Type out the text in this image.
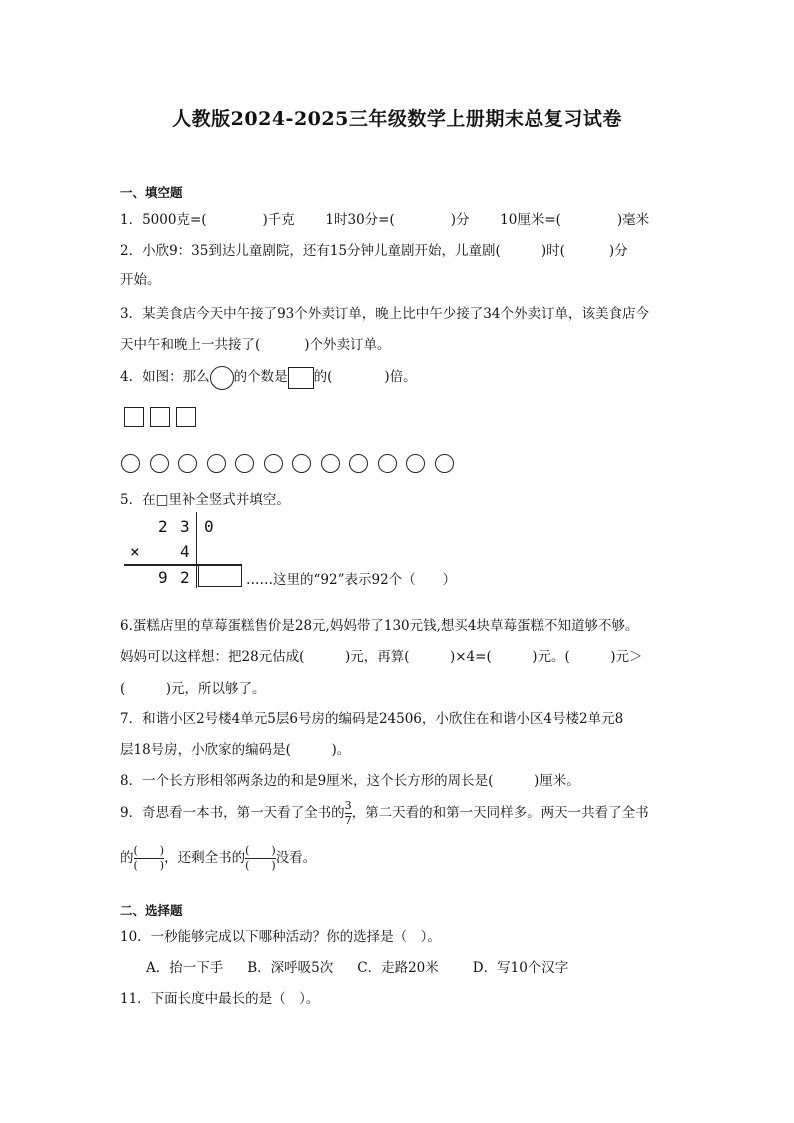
人教版2024-2025三年级数学上册期末总复习试卷
一、填空题
1．5000克=(	)千克 1时30分=(	)分 10厘米=(	)毫米
2．小欣9：35到达儿童剧院，还有15分钟儿童剧开始，儿童剧(	)时(	)分
开始。
3．某美食店今天中午接了93个外卖订单，晚上比中午少接了34个外卖订单，该美食店今
天中午和晚上一共接了(	)个外卖订单。
4．如图：那么 的个数是 的(	)倍。
5．在□里补全竖式并填空。
2 3 0
×	4
9 2	……这里的“92”表示92个（　　）
6.蛋糕店里的草莓蛋糕售价是28元,妈妈带了130元钱,想买4块草莓蛋糕不知道够不够。
妈妈可以这样想：把28元估成(　　　)元，再算(　　　)×4=(　　　)元。(　　　)元＞
(　　　)元，所以够了。
7．和谐小区2号楼4单元5层6号房的编码是24506，小欣住在和谐小区4号楼2单元8
层18号房，小欣家的编码是(　　　)。
8．一个长方形相邻两条边的和是9厘米，这个长方形的周长是(　　　)厘米。
9．奇思看一本书，第一天看了全书的 $\frac{3}{7}$ ，第二天看的和第一天同样多。两天一共看了全书
的 $\frac{( )}{( )}$ ，还剩全书的 $\frac{( )}{( )}$ 没看。
二、选择题
10．一秒能够完成以下哪种活动？你的选择是（　）。
A．抬一下手 B．深呼吸5次 C．走路20米	D．写10个汉字
11．下面长度中最长的是（　）。
